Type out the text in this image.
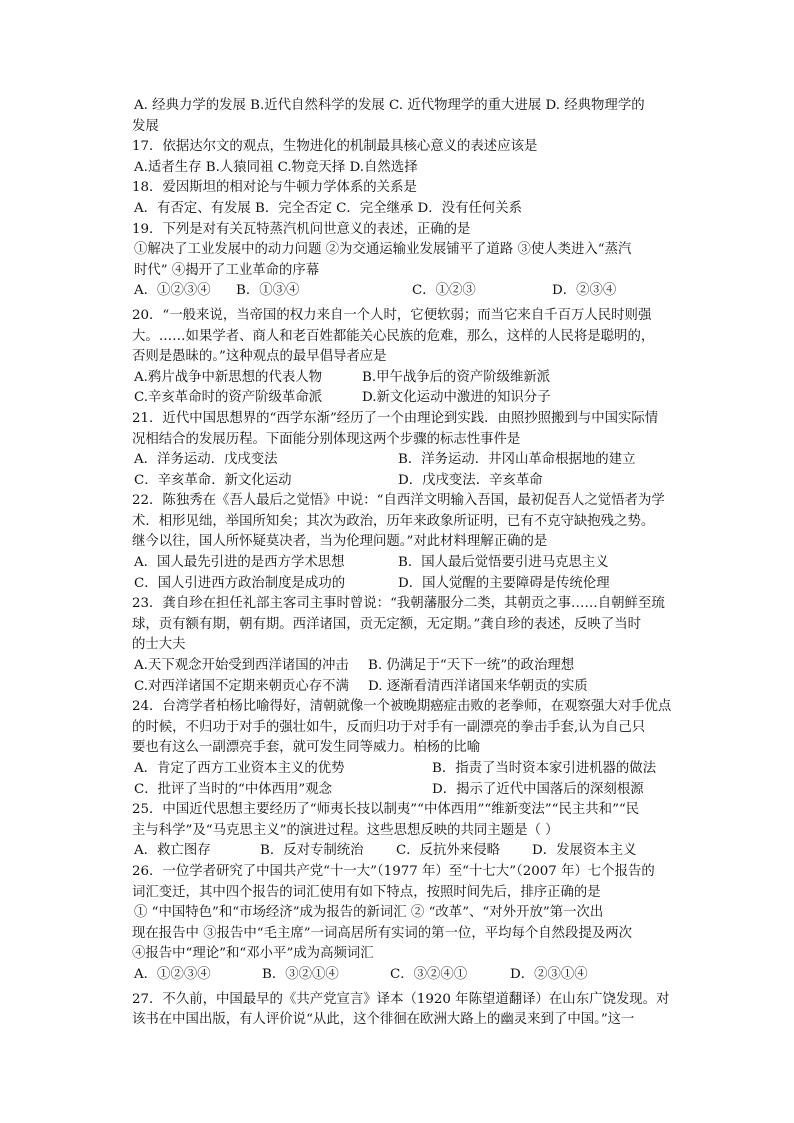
A. 经典力学的发展 B.近代自然科学的发展 C. 近代物理学的重大进展 D. 经典物理学的
发展
17．依据达尔文的观点，生物进化的机制最具核心意义的表述应该是
A.适者生存 B.人猿同祖 C.物竞天择 D.自然选择
18．爱因斯坦的相对论与牛顿力学体系的关系是
A．有否定、有发展 B．完全否定 C．完全继承 D．没有任何关系
19．下列是对有关瓦特蒸汽机问世意义的表述，正确的是
①解决了工业发展中的动力问题 ②为交通运输业发展铺平了道路 ③使人类进入“蒸汽
时代” ④揭开了工业革命的序幕
A．①②③④ B．①③④	C．①②③	D．②③④
20．“一般来说，当帝国的权力来自一个人时，它便软弱；而当它来自千百万人民时则强
大。……如果学者、商人和老百姓都能关心民族的危难，那么，这样的人民将是聪明的，
否则是愚昧的。”这种观点的最早倡导者应是
A.鸦片战争中新思想的代表人物	B.甲午战争后的资产阶级维新派
C.辛亥革命时的资产阶级革命派	D.新文化运动中激进的知识分子
21．近代中国思想界的“西学东渐”经历了一个由理论到实践．由照抄照搬到与中国实际情
况相结合的发展历程。下面能分别体现这两个步骤的标志性事件是
A．洋务运动．戊戌变法	B．洋务运动．井冈山革命根据地的建立
C．辛亥革命．新文化运动	D．戊戌变法．辛亥革命
22．陈独秀在《吾人最后之觉悟》中说：“自西洋文明输入吾国，最初促吾人之觉悟者为学
术．相形见绌，举国所知矣；其次为政治，历年来政象所证明，已有不克守缺抱残之势。
继今以往，国人所怀疑莫决者，当为伦理问题。”对此材料理解正确的是
A．国人最先引进的是西方学术思想	B．国人最后觉悟要引进马克思主义
C．国人引进西方政治制度是成功的	D．国人觉醒的主要障碍是传统伦理
23．龚自珍在担任礼部主客司主事时曾说：“我朝藩服分二类，其朝贡之事……自朝鲜至琉
球，贡有额有期，朝有期。西洋诸国，贡无定额，无定期。”龚自珍的表述，反映了当时
的士大夫
A.天下观念开始受到西洋诸国的冲击 B. 仍满足于“天下一统”的政治理想
C.对西洋诸国不定期来朝贡心存不满 D. 逐渐看清西洋诸国来华朝贡的实质
24．台湾学者柏杨比喻得好，清朝就像一个被晚期癌症击败的老拳师，在观察强大对手优点
的时候，不归功于对手的强壮如牛，反而归功于对手有一副漂亮的拳击手套,认为自己只
要也有这么一副漂亮手套，就可发生同等威力。柏杨的比喻
A．肯定了西方工业资本主义的优势	B．指责了当时资本家引进机器的做法
C．批评了当时的“中体西用”观念	D．揭示了近代中国落后的深刻根源
25．中国近代思想主要经历了“师夷长技以制夷”“中体西用”“维新变法”“民主共和”“民
主与科学”及“马克思主义”的演进过程。这些思想反映的共同主题是（ ）
A．救亡图存	B．反对专制统治 C．反抗外来侵略 D．发展资本主义
26．一位学者研究了中国共产党“十一大”（1977 年）至“十七大”（2007 年）七个报告的
词汇变迁，其中四个报告的词汇使用有如下特点，按照时间先后，排序正确的是
① “中国特色”和“市场经济”成为报告的新词汇 ② “改革”、“对外开放”第一次出
现在报告中 ③报告中“毛主席”一词高居所有实词的第一位，平均每个自然段提及两次
④报告中“理论”和“邓小平”成为高频词汇
A．①②③④	B．③②①④	C．③②④①	D．②③①④
27．不久前，中国最早的《共产党宣言》译本（1920 年陈望道翻译）在山东广饶发现。对
该书在中国出版，有人评价说“从此，这个徘徊在欧洲大路上的幽灵来到了中国。”这一
